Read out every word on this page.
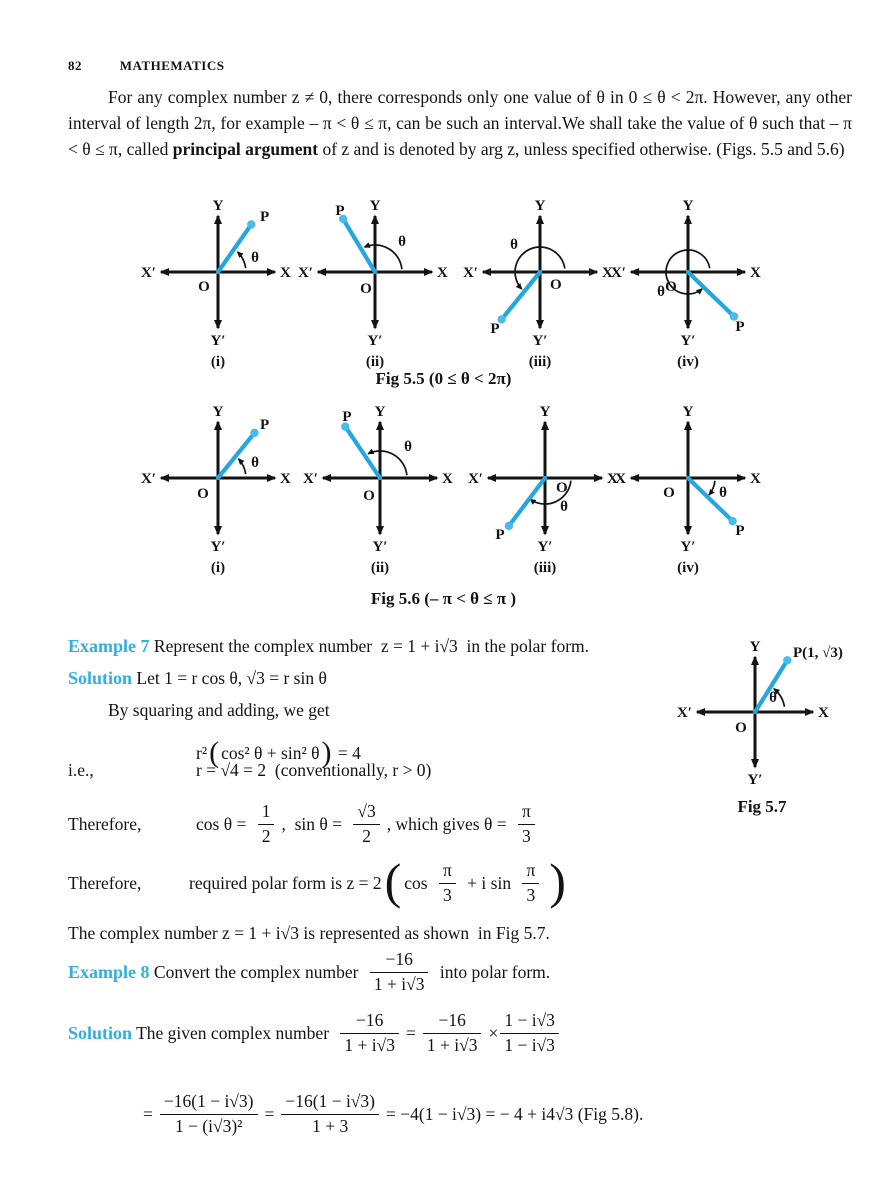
82	MATHEMATICS

For any complex number z ≠ 0, there corresponds only one value of θ in 0 ≤ θ < 2π. However, any other interval of length 2π, for example – π < θ ≤ π, can be such an interval.We shall take the value of θ such that – π < θ ≤ π, called principal argument of z and is denoted by arg z, unless specified otherwise. (Figs. 5.5 and 5.6)

Y
Y′
X
X′
O
P
θ
(i)
Y
Y′
X
X′
O
P
θ
(ii)
Y
Y′
X
X′
O
P
θ
(iii)
Y
Y′
X
X′
O
P
θ
(iv)
Fig 5.5 (0 ≤ θ < 2π)
Y
Y′
X
X′
O
P
θ
(i)
Y
Y′
X
X′
O
P
θ
(ii)
Y
Y′
X
X′
O
P
θ
(iii)
Y
Y′
X
X
O
P
θ
(iv)
Fig 5.6 (– π < θ ≤ π )
Example 7 Represent the complex number  z = 1 + i√3  in the polar form.
Solution Let 1 = r cos θ, √3 = r sin θ
By squaring and adding, we get
r² ( cos² θ + sin² θ ) = 4
i.e.,	r = √4 = 2  (conventionally, r > 0)
Therefore,	$\cos \theta = \frac{1}{2}$ ,  $\sin \theta = \frac{√3}{2}$ , which gives $\theta = \frac{\pi}{3}$
Therefore,	required polar form is z = 2 ( $\cos \frac{\pi}{3} + i$ $\sin \frac{\pi}{3}$ )
The complex number z = 1 + i√3 is represented as shown  in Fig 5.7.
Y
Y′
X
X′
O
P(1, √3)
θ
Fig 5.7
Example 8 Convert the complex number $\frac{-16}{1 + i√3}$ into polar form.
Solution The given complex number $\frac{-16}{1 + i√3} = \frac{-16}{1 + i√3} \times \frac{1 - i√3}{1 - i√3}$
= $\frac{-16(1 - i√3)}{\text{1 − (i√3)²}} = \frac{-16(1 - i√3)}{1 + 3} = -4(1 - i√3)$ = − 4 + i4√3 (Fig 5.8).
